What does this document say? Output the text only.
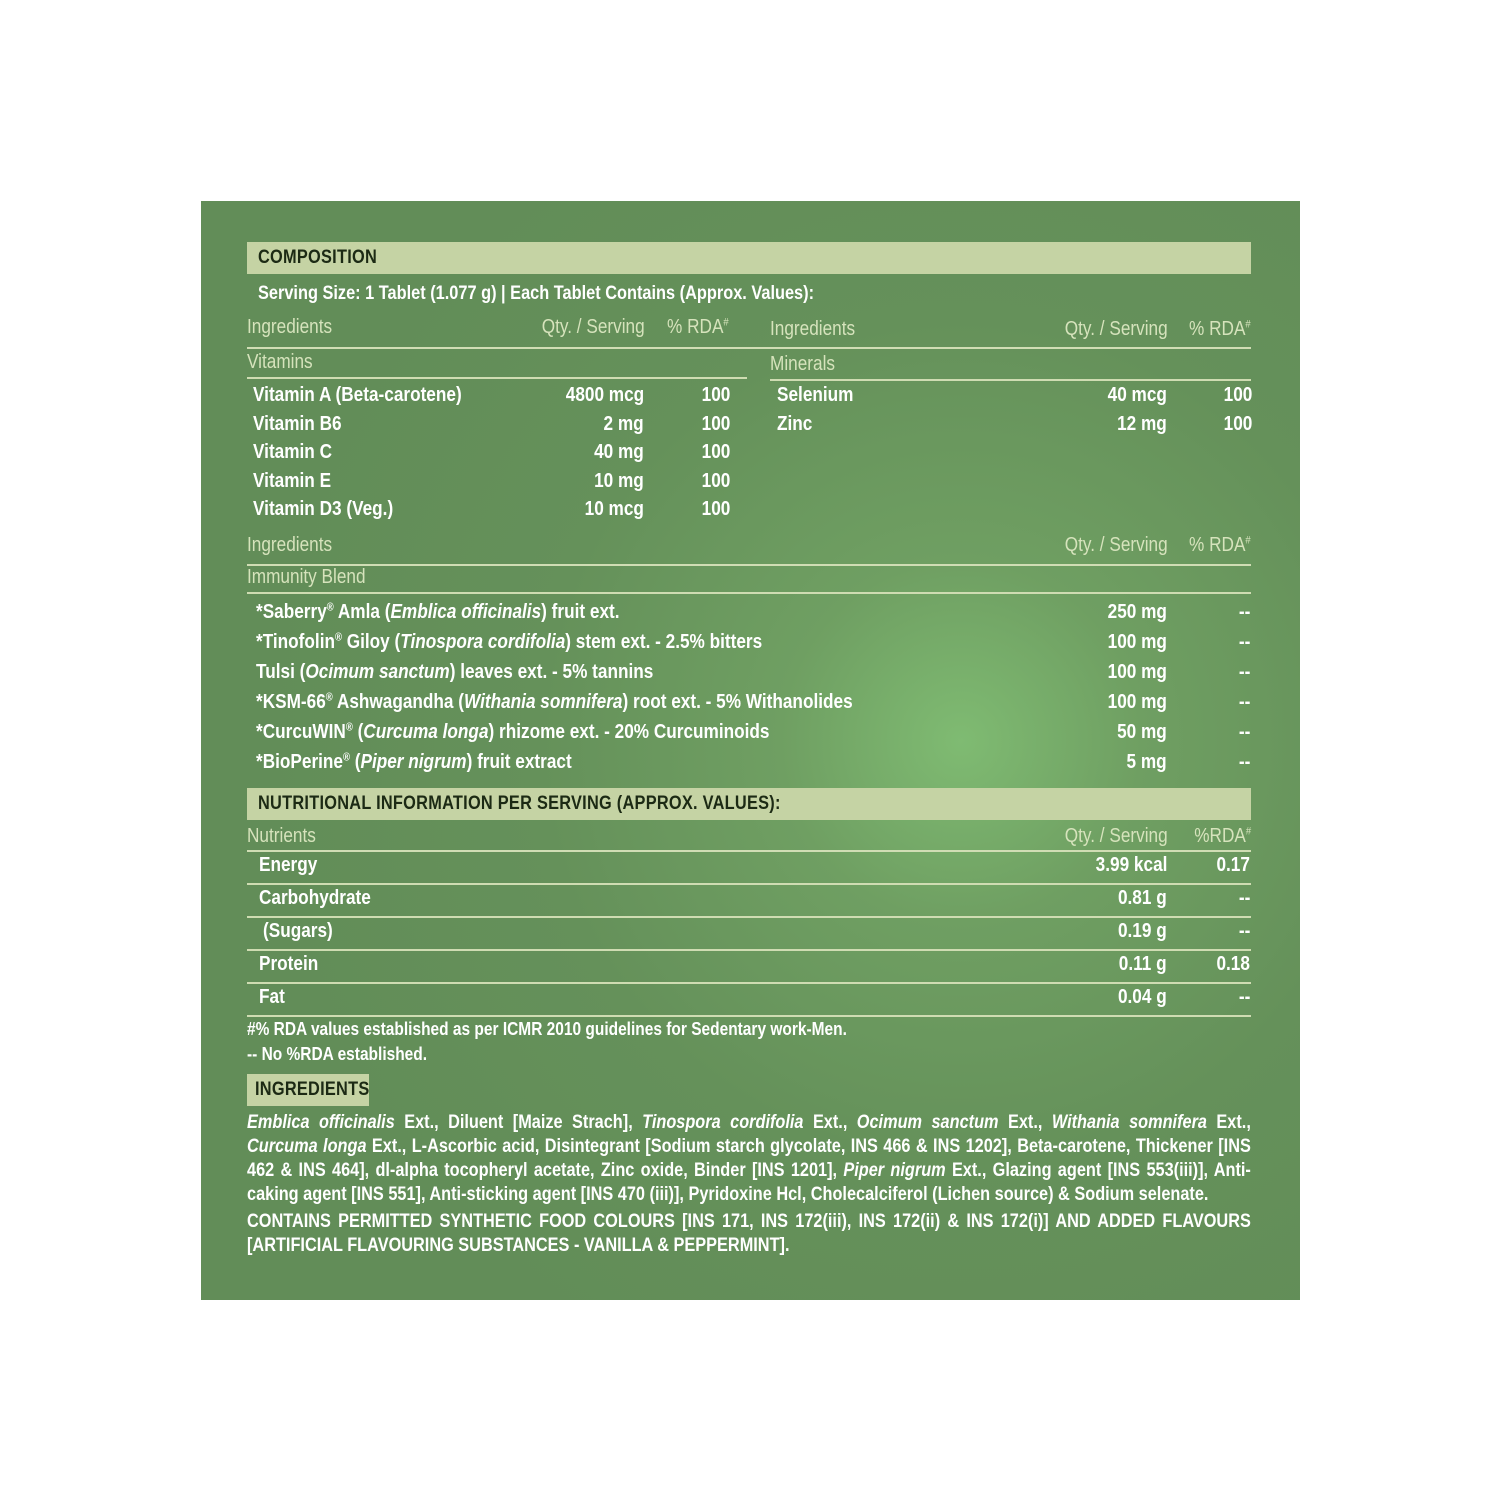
COMPOSITION
Serving Size: 1 Tablet (1.077 g) | Each Tablet Contains (Approx. Values):
Ingredients	Qty. / Serving % RDA# Ingredients	Qty. / Serving % RDA#
Vitamins	Minerals
Vitamin A (Beta-carotene)	4800 mcg	100
Vitamin B6	2 mg	100
Vitamin C	40 mg	100
Vitamin E	10 mg	100
Vitamin D3 (Veg.)	10 mcg	100
Selenium	40 mcg	100
Zinc	12 mg	100
Ingredients	Qty. / Serving % RDA#
Immunity Blend
*Saberry® Amla (Emblica officinalis) fruit ext.	250 mg	--
*Tinofolin® Giloy (Tinospora cordifolia) stem ext. - 2.5% bitters	100 mg	--
Tulsi (Ocimum sanctum) leaves ext. - 5% tannins	100 mg	--
*KSM-66® Ashwagandha (Withania somnifera) root ext. - 5% Withanolides	100 mg	--
*CurcuWIN® (Curcuma longa) rhizome ext. - 20% Curcuminoids	50 mg	--
*BioPerine® (Piper nigrum) fruit extract	5 mg	--
NUTRITIONAL INFORMATION PER SERVING (APPROX. VALUES):
Nutrients	Qty. / Serving %RDA#
Energy	3.99 kcal 0.17
Carbohydrate	0.81 g	--
(Sugars)	0.19 g	--
Protein	0.11 g 0.18
Fat	0.04 g	--
#% RDA values established as per ICMR 2010 guidelines for Sedentary work-Men.
-- No %RDA established.
INGREDIENTS
Emblica officinalis Ext., Diluent [Maize Strach], Tinospora cordifolia Ext., Ocimum sanctum Ext., Withania somnifera Ext., Curcuma longa Ext., L-Ascorbic acid, Disintegrant [Sodium starch glycolate, INS 466 & INS 1202], Beta-carotene, Thickener [INS 462 & INS 464], dl-alpha tocopheryl acetate, Zinc oxide, Binder [INS 1201], Piper nigrum Ext., Glazing agent [INS 553(iii)], Anti-caking agent [INS 551], Anti-sticking agent [INS 470 (iii)], Pyridoxine Hcl, Cholecalciferol (Lichen source) & Sodium selenate.
CONTAINS PERMITTED SYNTHETIC FOOD COLOURS [INS 171, INS 172(iii), INS 172(ii) & INS 172(i)] AND ADDED FLAVOURS [ARTIFICIAL FLAVOURING SUBSTANCES - VANILLA & PEPPERMINT].
